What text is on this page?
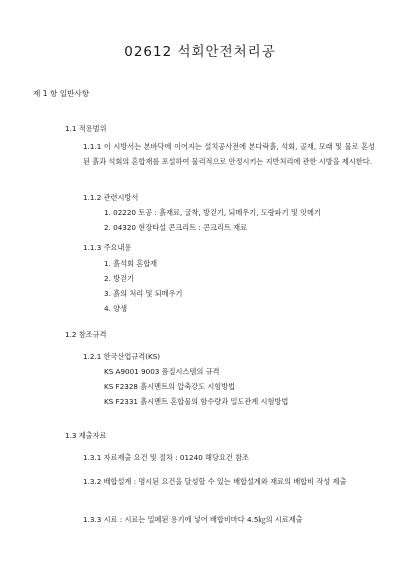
02612 석회안전처리공
제 1 항 일반사항
1.1 적용범위
1.1.1 이 시방서는 본바닥에 이어지는 설치공사전에 본다락흙, 석회, 골재, 모래 및 물로 혼성된 흙과 석회의 혼합재를 포설하여 물리적으로 안정시키는 지반처리에 관한 시방을 제시한다.
1.1.2 관련시방서
1. 02220 토공 : 흙재료, 굴착, 방걷기, 되메우기, 도랑파기 및 잇메기
2. 04320 현장타설 콘크리트 : 콘크리트 재료
1.1.3 주요내용
1. 흙석회 혼합재
2. 방걷기
3. 흙의 처리 및 되메우기
4. 양생
1.2 참조규격
1.2.1 한국산업규격(KS)
KS A9001 9003 품질시스템의 규격
KS F2328 흙시멘트의 압축강도 시험방법
KS F2331 흙시멘트 혼합물의 함수량과 밀도관계 시험방법
1.3 제출자료
1.3.1 자료제출 요건 및 절차 : 01240 해당요건 참조
1.3.2 배합설계 : 명시된 요건을 달성할 수 있는 배합설계와 재료의 배합비 작성 제출
1.3.3 시료 : 시료는 밀폐된 용기에 넣어 배합비마다 4.5㎏의 시료제출
